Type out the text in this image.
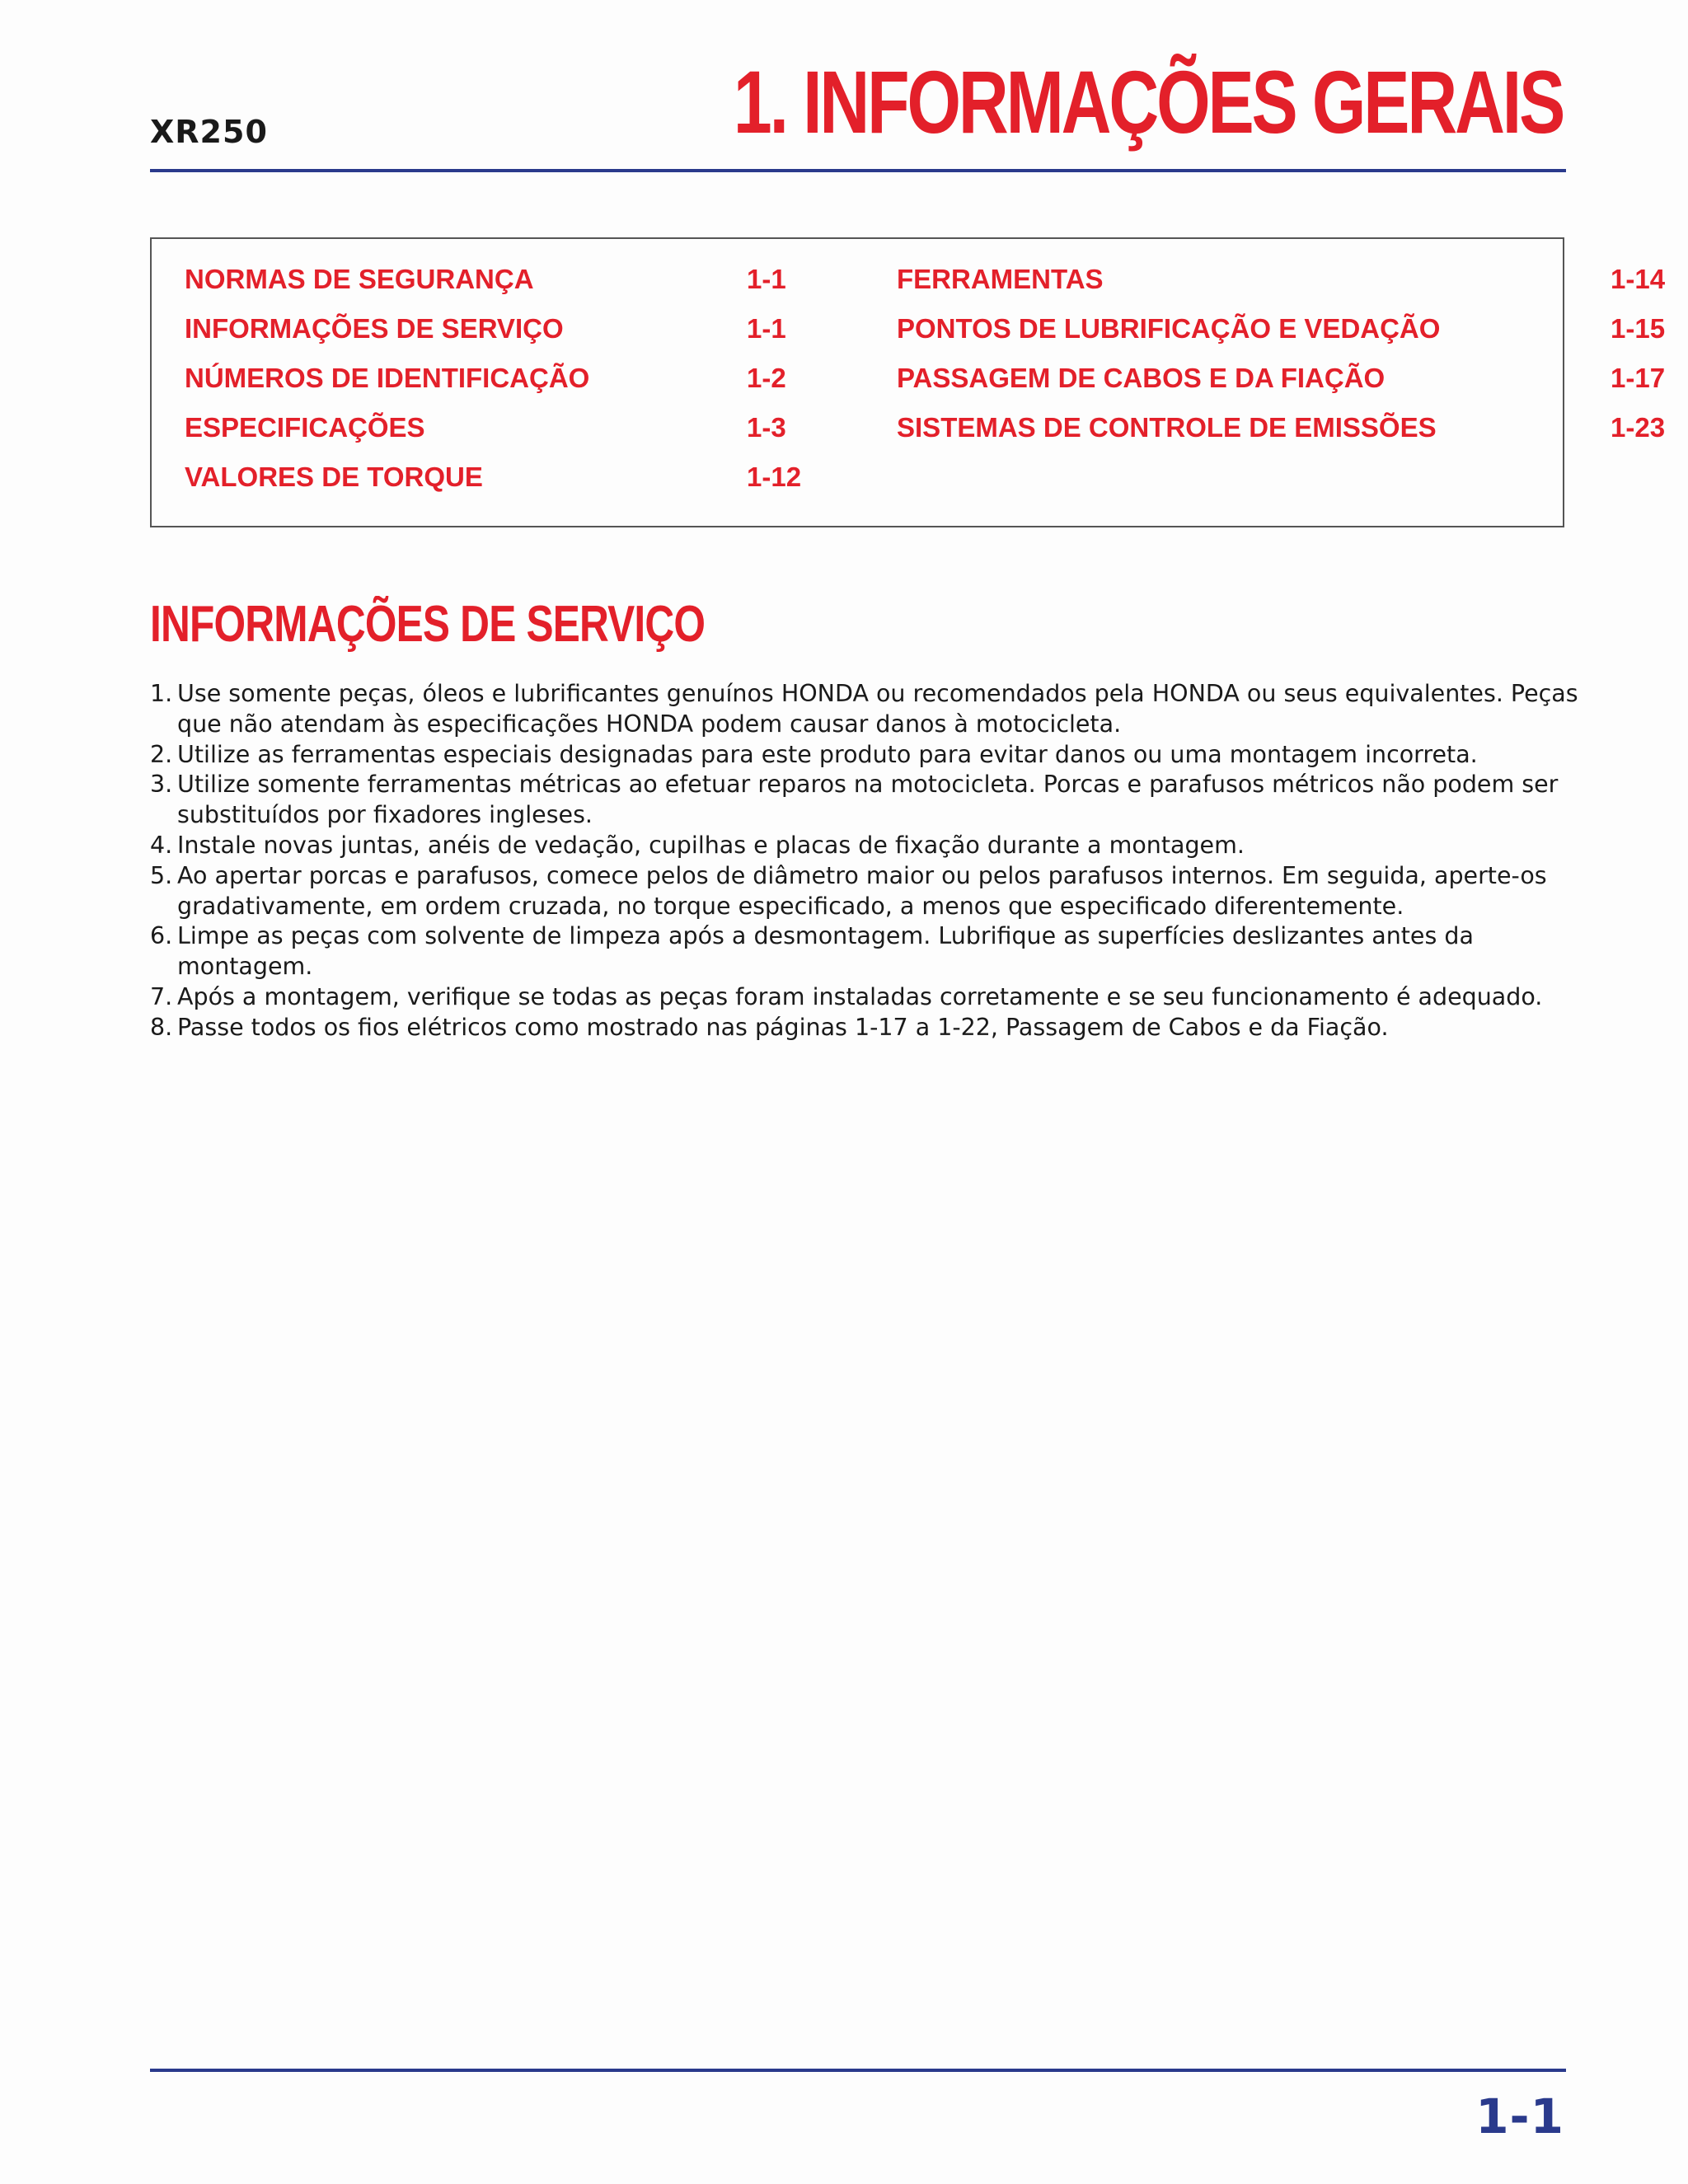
XR250	1. INFORMAÇÕES GERAIS
NORMAS DE SEGURANÇA	1-1
INFORMAÇÕES DE SERVIÇO	1-1
NÚMEROS DE IDENTIFICAÇÃO	1-2
ESPECIFICAÇÕES	1-3
VALORES DE TORQUE	1-12
FERRAMENTAS	1-14
PONTOS DE LUBRIFICAÇÃO E VEDAÇÃO	1-15
PASSAGEM DE CABOS E DA FIAÇÃO	1-17
SISTEMAS DE CONTROLE DE EMISSÕES	1-23
INFORMAÇÕES DE SERVIÇO
1. Use somente peças, óleos e lubrificantes genuínos HONDA ou recomendados pela HONDA ou seus equivalentes. Peças que não atendam às especificações HONDA podem causar danos à motocicleta.
2. Utilize as ferramentas especiais designadas para este produto para evitar danos ou uma montagem incorreta.
3. Utilize somente ferramentas métricas ao efetuar reparos na motocicleta. Porcas e parafusos métricos não podem ser substituídos por fixadores ingleses.
4. Instale novas juntas, anéis de vedação, cupilhas e placas de fixação durante a montagem.
5. Ao apertar porcas e parafusos, comece pelos de diâmetro maior ou pelos parafusos internos. Em seguida, aperte-os gradativamente, em ordem cruzada, no torque especificado, a menos que especificado diferentemente.
6. Limpe as peças com solvente de limpeza após a desmontagem. Lubrifique as superfícies deslizantes antes da montagem.
7. Após a montagem, verifique se todas as peças foram instaladas corretamente e se seu funcionamento é adequado.
8. Passe todos os fios elétricos como mostrado nas páginas 1-17 a 1-22, Passagem de Cabos e da Fiação.
1-1
